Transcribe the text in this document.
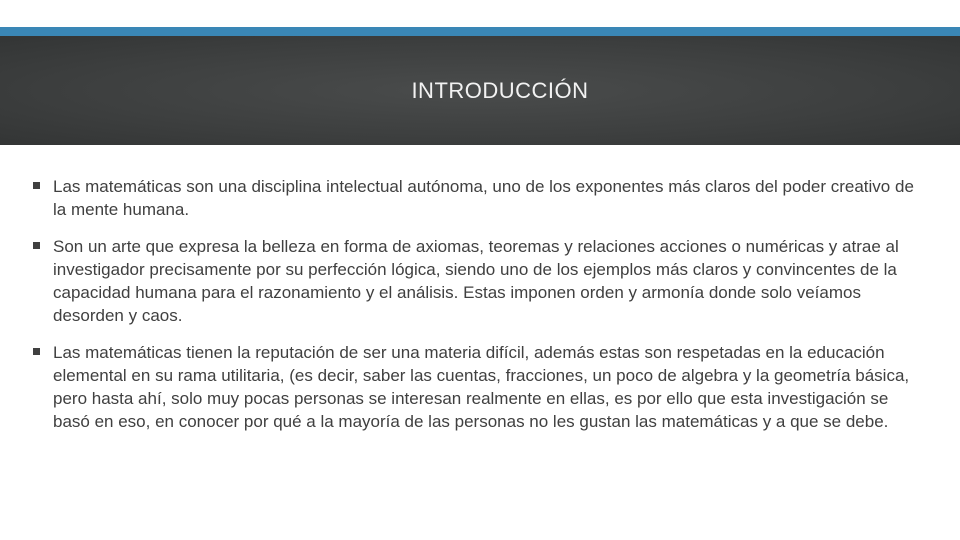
INTRODUCCIÓN
Las matemáticas son una disciplina intelectual autónoma, uno de los exponentes más claros del poder creativo de la mente humana.
Son un arte que expresa la belleza en forma de axiomas, teoremas y relaciones acciones o numéricas y atrae al investigador precisamente por su perfección lógica, siendo uno de los ejemplos más claros y convincentes de la capacidad humana para el razonamiento y el análisis. Estas imponen orden y armonía donde solo veíamos desorden y caos.
Las matemáticas tienen la reputación de ser una materia difícil, además estas son respetadas en la educación elemental en su rama utilitaria, (es decir, saber las cuentas, fracciones, un poco de algebra y la geometría básica, pero hasta ahí, solo muy pocas personas se interesan realmente en ellas, es por ello que esta investigación se basó en eso, en conocer por qué a la mayoría de las personas no les gustan las matemáticas y a que se debe.
